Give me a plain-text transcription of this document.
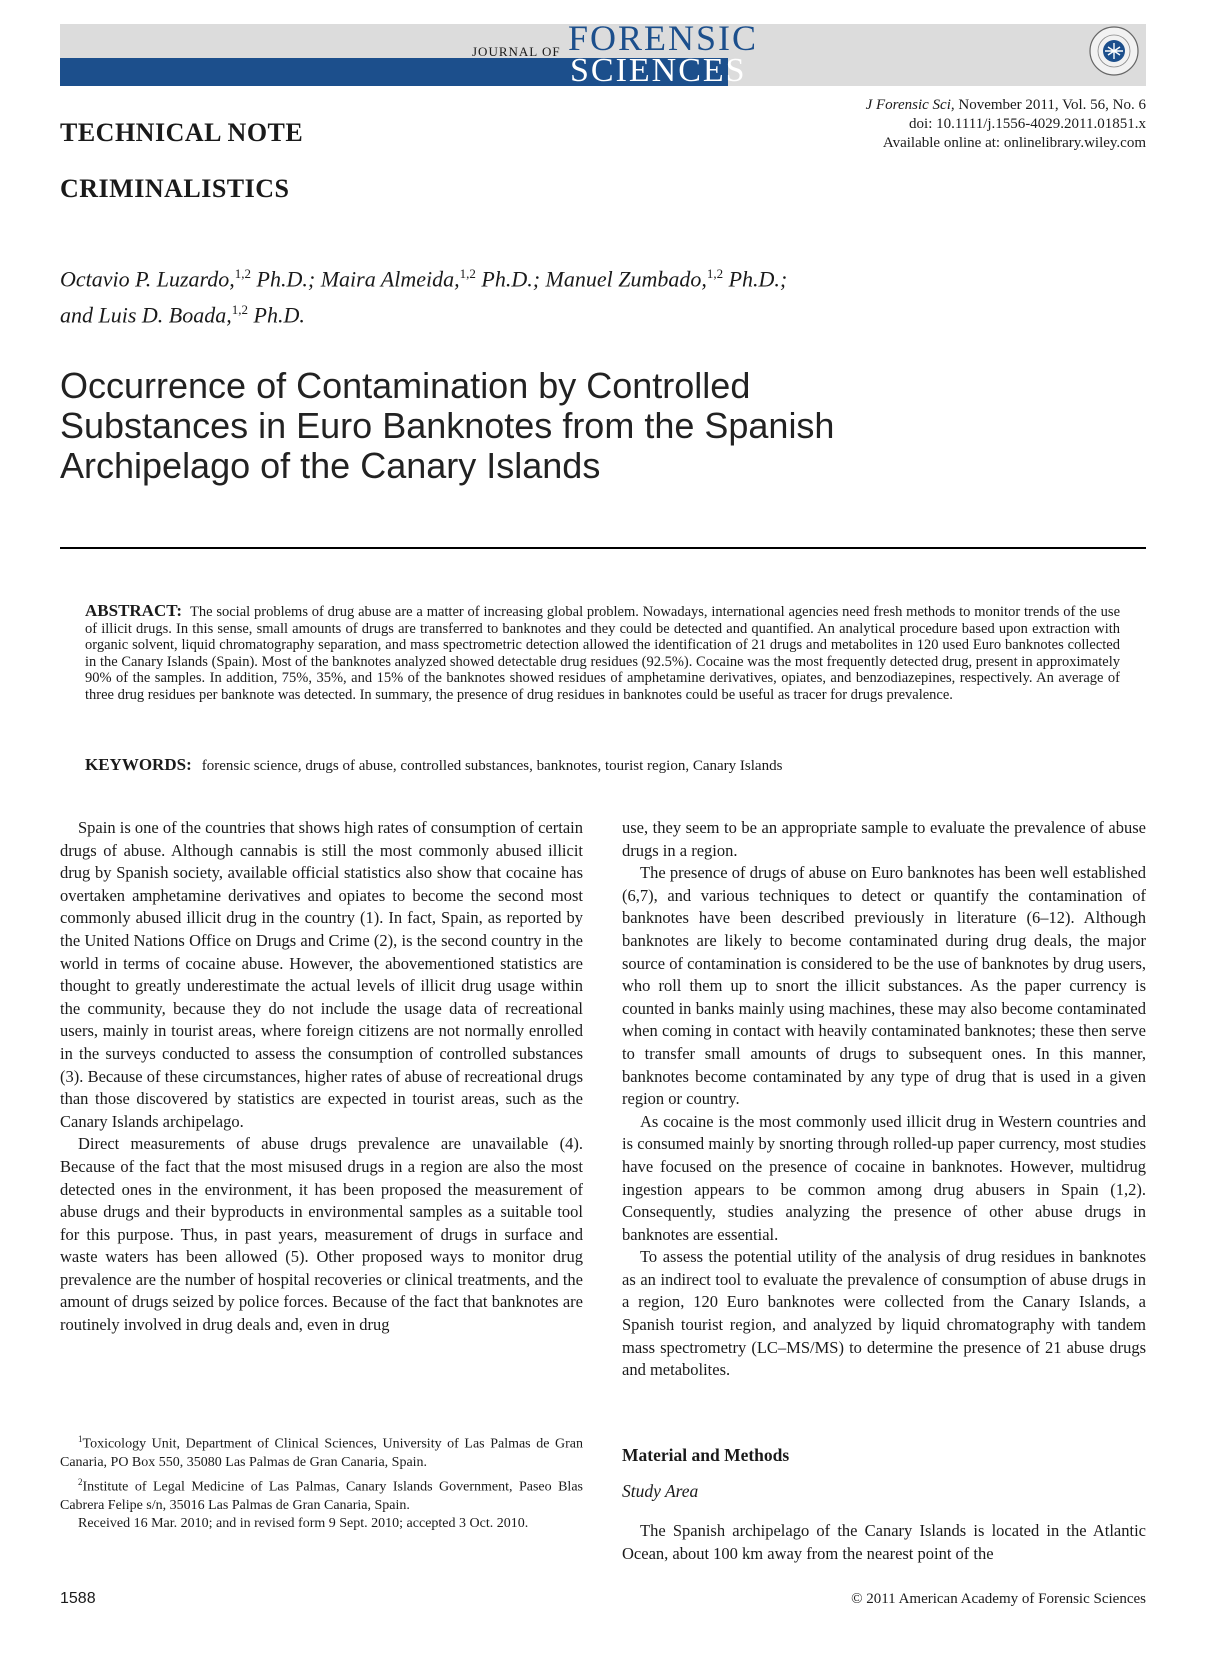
JOURNAL OF FORENSIC
SCIENCES
J Forensic Sci, November 2011, Vol. 56, No. 6
doi: 10.1111/j.1556-4029.2011.01851.x
Available online at: onlinelibrary.wiley.com
TECHNICAL NOTE
CRIMINALISTICS
Octavio P. Luzardo,$^{1,2}$ Ph.D.; Maira Almeida,$^{1,2}$ Ph.D.; Manuel Zumbado,$^{1,2}$ Ph.D.;
and Luis D. Boada,$^{1,2}$ Ph.D.
Occurrence of Contamination by Controlled Substances in Euro Banknotes from the Spanish Archipelago of the Canary Islands
ABSTRACT: The social problems of drug abuse are a matter of increasing global problem. Nowadays, international agencies need fresh methods to monitor trends of the use of illicit drugs. In this sense, small amounts of drugs are transferred to banknotes and they could be detected and quantified. An analytical procedure based upon extraction with organic solvent, liquid chromatography separation, and mass spectrometric detection allowed the identification of 21 drugs and metabolites in 120 used Euro banknotes collected in the Canary Islands (Spain). Most of the banknotes analyzed showed detectable drug residues (92.5%). Cocaine was the most frequently detected drug, present in approximately 90% of the samples. In addition, 75%, 35%, and 15% of the banknotes showed residues of amphetamine derivatives, opiates, and benzodiazepines, respectively. An average of three drug residues per banknote was detected. In summary, the presence of drug residues in banknotes could be useful as tracer for drugs prevalence.
KEYWORDS: forensic science, drugs of abuse, controlled substances, banknotes, tourist region, Canary Islands

Spain is one of the countries that shows high rates of consumption of certain drugs of abuse. Although cannabis is still the most commonly abused illicit drug by Spanish society, available official statistics also show that cocaine has overtaken amphetamine derivatives and opiates to become the second most commonly abused illicit drug in the country (1). In fact, Spain, as reported by the United Nations Office on Drugs and Crime (2), is the second country in the world in terms of cocaine abuse. However, the abovementioned statistics are thought to greatly underestimate the actual levels of illicit drug usage within the community, because they do not include the usage data of recreational users, mainly in tourist areas, where foreign citizens are not normally enrolled in the surveys conducted to assess the consumption of controlled substances (3). Because of these circumstances, higher rates of abuse of recreational drugs than those discovered by statistics are expected in tourist areas, such as the Canary Islands archipelago.

Direct measurements of abuse drugs prevalence are unavailable (4). Because of the fact that the most misused drugs in a region are also the most detected ones in the environment, it has been proposed the measurement of abuse drugs and their byproducts in environmental samples as a suitable tool for this purpose. Thus, in past years, measurement of drugs in surface and waste waters has been allowed (5). Other proposed ways to monitor drug prevalence are the number of hospital recoveries or clinical treatments, and the amount of drugs seized by police forces. Because of the fact that banknotes are routinely involved in drug deals and, even in drug

use, they seem to be an appropriate sample to evaluate the prevalence of abuse drugs in a region.

The presence of drugs of abuse on Euro banknotes has been well established (6,7), and various techniques to detect or quantify the contamination of banknotes have been described previously in literature (6–12). Although banknotes are likely to become contaminated during drug deals, the major source of contamination is considered to be the use of banknotes by drug users, who roll them up to snort the illicit substances. As the paper currency is counted in banks mainly using machines, these may also become contaminated when coming in contact with heavily contaminated banknotes; these then serve to transfer small amounts of drugs to subsequent ones. In this manner, banknotes become contaminated by any type of drug that is used in a given region or country.

As cocaine is the most commonly used illicit drug in Western countries and is consumed mainly by snorting through rolled-up paper currency, most studies have focused on the presence of cocaine in banknotes. However, multidrug ingestion appears to be common among drug abusers in Spain (1,2). Consequently, studies analyzing the presence of other abuse drugs in banknotes are essential.

To assess the potential utility of the analysis of drug residues in banknotes as an indirect tool to evaluate the prevalence of consumption of abuse drugs in a region, 120 Euro banknotes were collected from the Canary Islands, a Spanish tourist region, and analyzed by liquid chromatography with tandem mass spectrometry (LC–MS/MS) to determine the presence of 21 abuse drugs and metabolites.

$^1$Toxicology Unit, Department of Clinical Sciences, University of Las Palmas de Gran Canaria, PO Box 550, 35080 Las Palmas de Gran Canaria, Spain.

$^2$Institute of Legal Medicine of Las Palmas, Canary Islands Government, Paseo Blas Cabrera Felipe s/n, 35016 Las Palmas de Gran Canaria, Spain.

Received 16 Mar. 2010; and in revised form 9 Sept. 2010; accepted 3 Oct. 2010.

Material and Methods
Study Area

The Spanish archipelago of the Canary Islands is located in the Atlantic Ocean, about 100 km away from the nearest point of the

1588	© 2011 American Academy of Forensic Sciences
